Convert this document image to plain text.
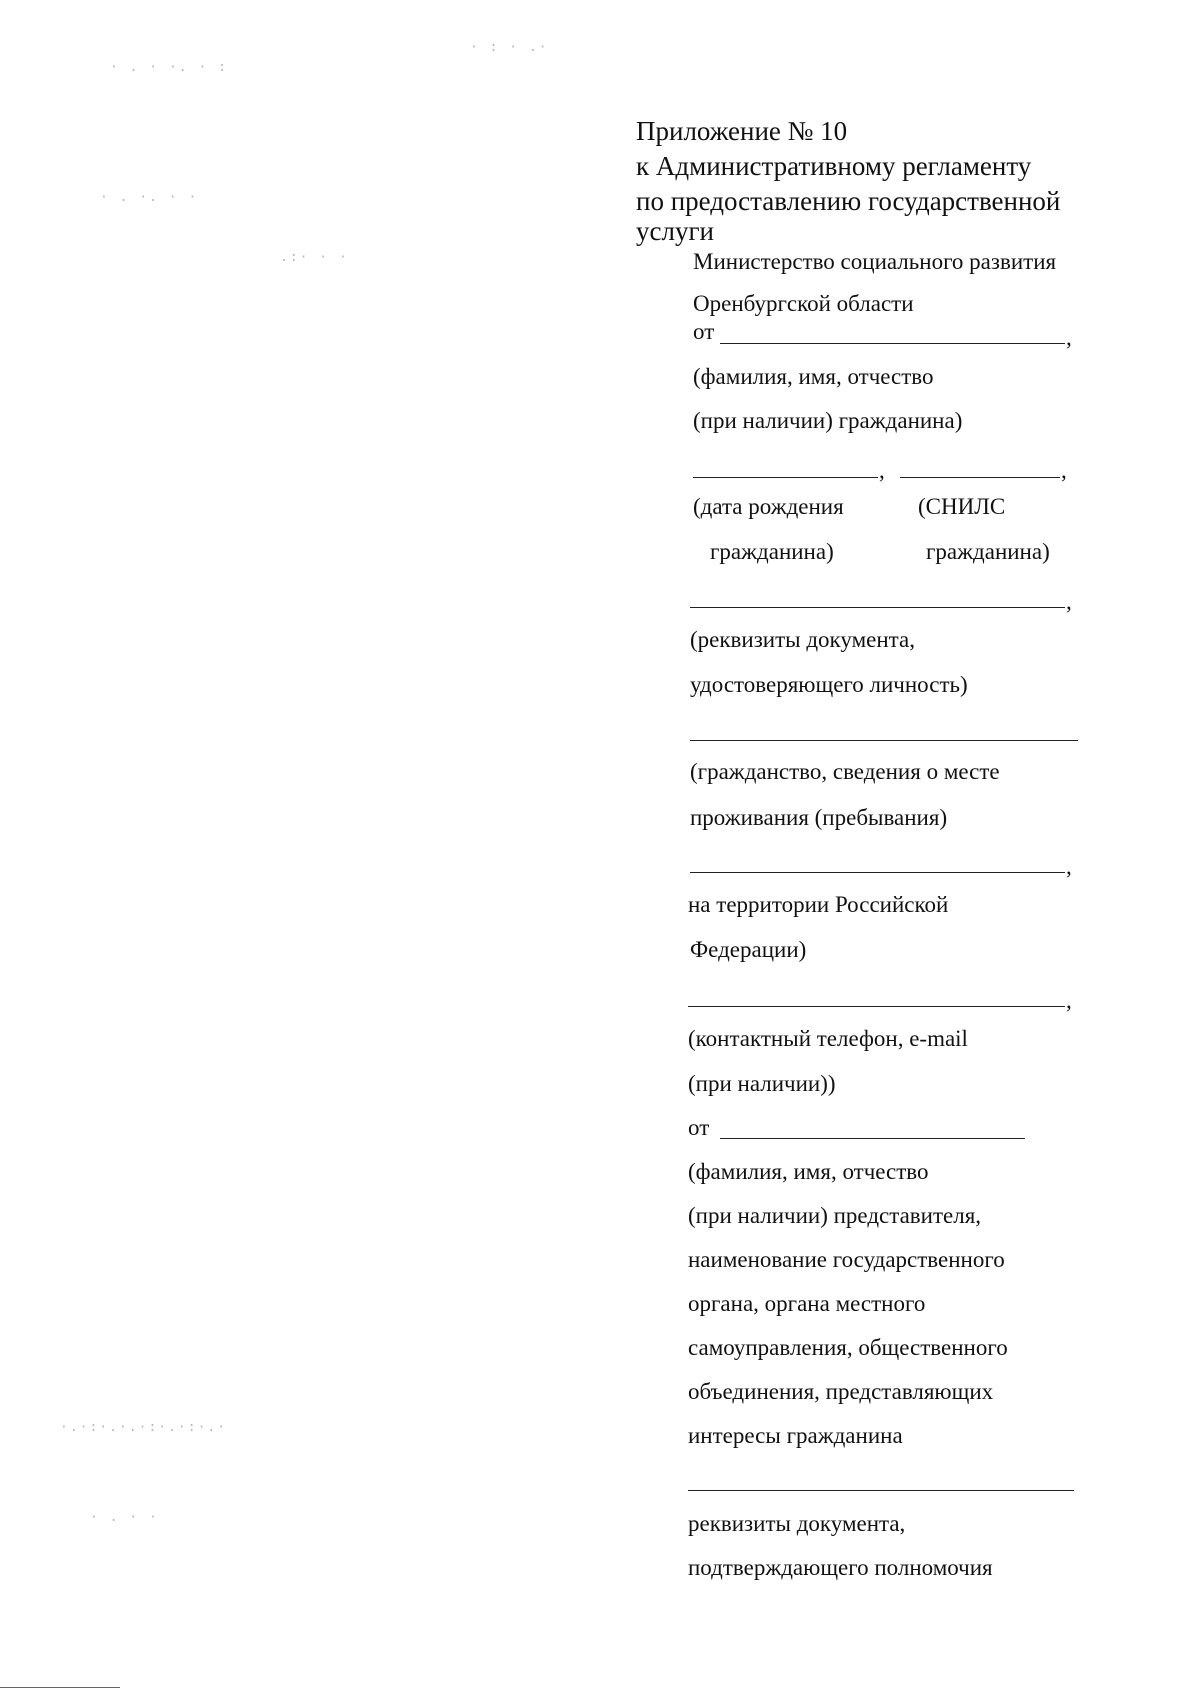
· . · ·. · :
· : · .·
· . ·. · ·
.:· · ·
·.·:·.·.·:·.·:·.·
· . · ·
Приложение № 10
к Административному регламенту
по предоставлению государственной
услуги
Министерство социального развития
Оренбургской области
от	,
(фамилия, имя, отчество
(при наличии) гражданина)
,	,
(дата рождения	(СНИЛС
гражданина)	гражданина)
,
(реквизиты документа,
удостоверяющего личность)
(гражданство, сведения о месте
проживания (пребывания)
,
на территории Российской
Федерации)
,
(контактный телефон, e-mail
(при наличии))
от
(фамилия, имя, отчество
(при наличии) представителя,
наименование государственного
органа, органа местного
самоуправления, общественного
объединения, представляющих
интересы гражданина
реквизиты документа,
подтверждающего полномочия
